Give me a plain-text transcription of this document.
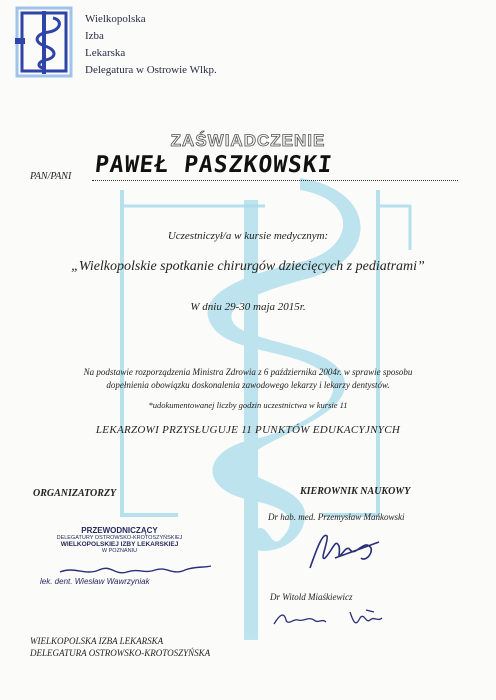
Wielkopolska
Izba
Lekarska
Delegatura w Ostrowie Wlkp.
ZAŚWIADCZENIE
PAN/PANI PAWEŁ PASZKOWSKI
Uczestniczył/a w kursie medycznym:
„Wielkopolskie spotkanie chirurgów dziecięcych z pediatrami”
W dniu 29-30 maja 2015r.
Na podstawie rozporządzenia Ministra Zdrowia z 6 października 2004r. w sprawie sposobu
dopełnienia obowiązku doskonalenia zawodowego lekarzy i lekarzy dentystów.
*udokumentowanej liczby godzin uczestnictwa w kursie 11
LEKARZOWI PRZYSŁUGUJE 11 PUNKTÓW EDUKACYJNYCH
ORGANIZATORZY	KIEROWNIK NAUKOWY
Dr hab. med. Przemysław Mańkowski
Dr Witold Miaśkiewicz
PRZEWODNICZĄCY
DELEGATURY OSTROWSKO-KROTOSZYŃSKIEJ
WIELKOPOLSKIEJ IZBY LEKARSKIEJ
W POZNANIU
lek. dent. Wiesław Wawrzyniak
WIELKOPOLSKA IZBA LEKARSKA
DELEGATURA OSTROWSKO-KROTOSZYŃSKA
